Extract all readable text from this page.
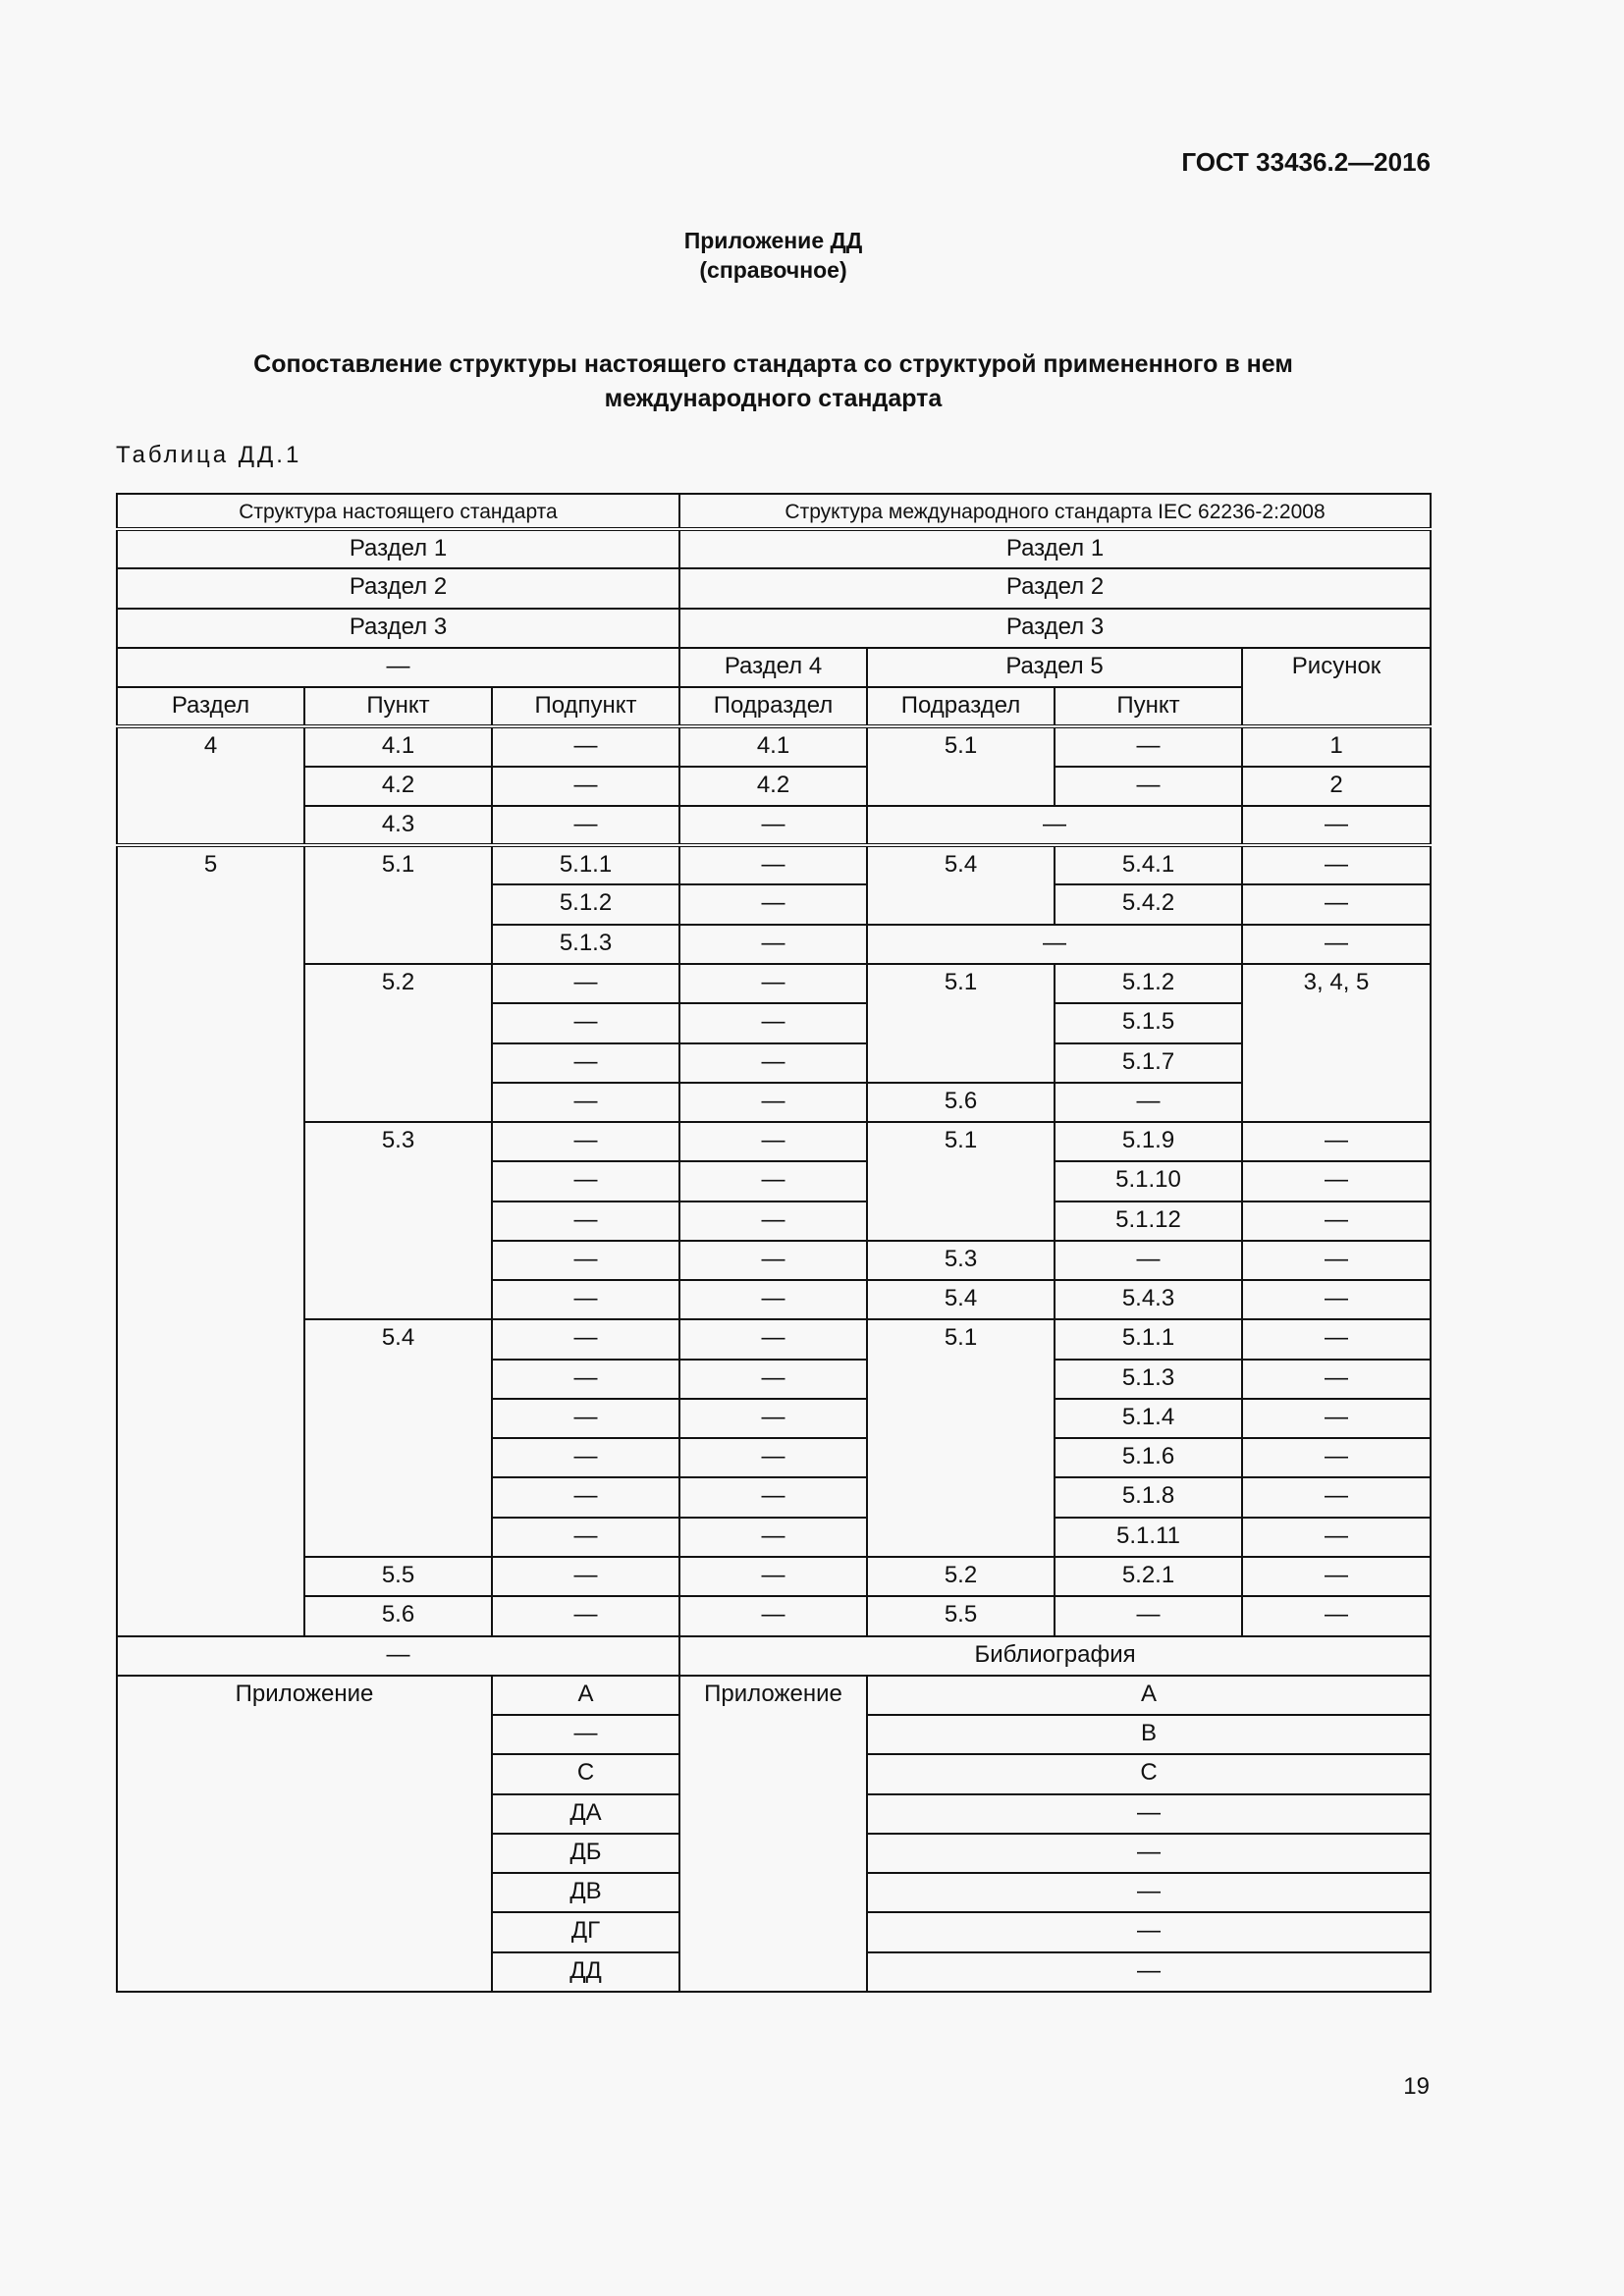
ГОСТ 33436.2—2016
Приложение ДД
(справочное)
Сопоставление структуры настоящего стандарта со структурой примененного в нем
международного стандарта
Таблица ДД.1
Структура настоящего стандарта			Структура международного стандарта IEC 62236-2:2008			
Раздел 1			Раздел 1			
Раздел 2			Раздел 2			
Раздел 3			Раздел 3			
—			Раздел 4	Раздел 5		Рисунок
Раздел	Пункт	Подпункт	Подраздел	Подраздел	Пункт	
4	4.1	—	4.1	5.1	—	1
	4.2	—	4.2		—	2
	4.3	—	—	—		—
5	5.1	5.1.1	—	5.4	5.4.1	—
		5.1.2	—		5.4.2	—
		5.1.3	—	—		—
	5.2	—	—	5.1	5.1.2	3, 4, 5
		—	—		5.1.5	
		—	—		5.1.7	
		—	—	5.6	—	
	5.3	—	—	5.1	5.1.9	—
		—	—		5.1.10	—
		—	—		5.1.12	—
		—	—	5.3	—	—
		—	—	5.4	5.4.3	—
	5.4	—	—	5.1	5.1.1	—
		—	—		5.1.3	—
		—	—		5.1.4	—
		—	—		5.1.6	—
		—	—		5.1.8	—
		—	—		5.1.11	—
	5.5	—	—	5.2	5.2.1	—
	5.6	—	—	5.5	—	—
—			Библиография			
Приложение		А	Приложение	A		
		—		B		
		C		C		
		ДА		—		
		ДБ		—		
		ДВ		—		
		ДГ		—		
		ДД		—		
19
